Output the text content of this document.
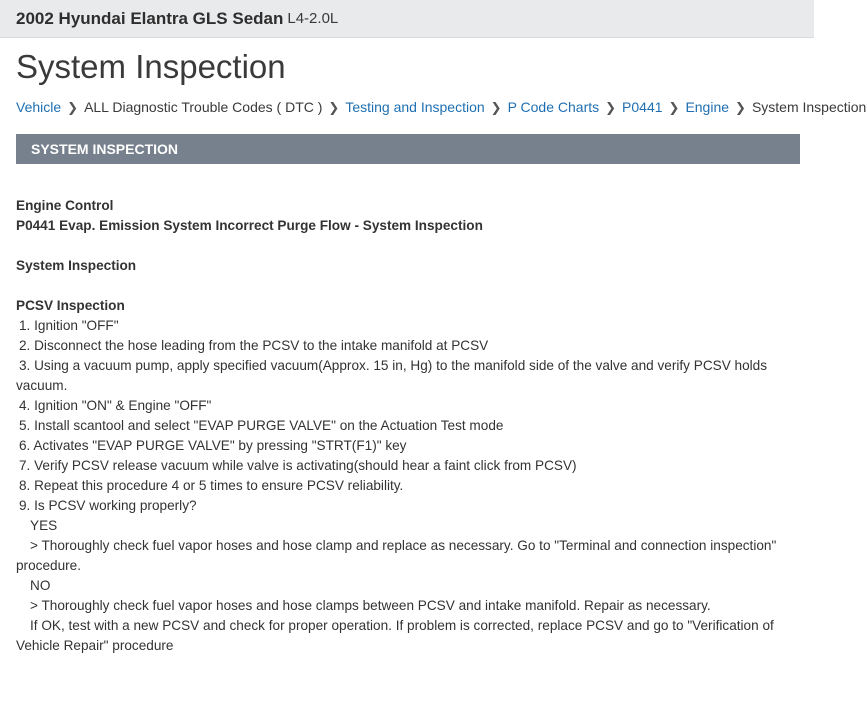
2002 Hyundai Elantra GLS Sedan L4-2.0L
System Inspection
Vehicle ❯ ALL Diagnostic Trouble Codes ( DTC ) ❯ Testing and Inspection ❯ P Code Charts ❯ P0441 ❯ Engine ❯ System Inspection
SYSTEM INSPECTION
Engine Control
P0441 Evap. Emission System Incorrect Purge Flow - System Inspection
System Inspection
PCSV Inspection
1. Ignition "OFF"
2. Disconnect the hose leading from the PCSV to the intake manifold at PCSV
3. Using a vacuum pump, apply specified vacuum(Approx. 15 in, Hg) to the manifold side of the valve and verify PCSV holds vacuum.
4. Ignition "ON" & Engine "OFF"
5. Install scantool and select "EVAP PURGE VALVE" on the Actuation Test mode
6. Activates "EVAP PURGE VALVE" by pressing "STRT(F1)" key
7. Verify PCSV release vacuum while valve is activating(should hear a faint click from PCSV)
8. Repeat this procedure 4 or 5 times to ensure PCSV reliability.
9. Is PCSV working properly?
YES
> Thoroughly check fuel vapor hoses and hose clamp and replace as necessary. Go to "Terminal and connection inspection" procedure.
NO
> Thoroughly check fuel vapor hoses and hose clamps between PCSV and intake manifold. Repair as necessary.
If OK, test with a new PCSV and check for proper operation. If problem is corrected, replace PCSV and go to "Verification of Vehicle Repair" procedure
